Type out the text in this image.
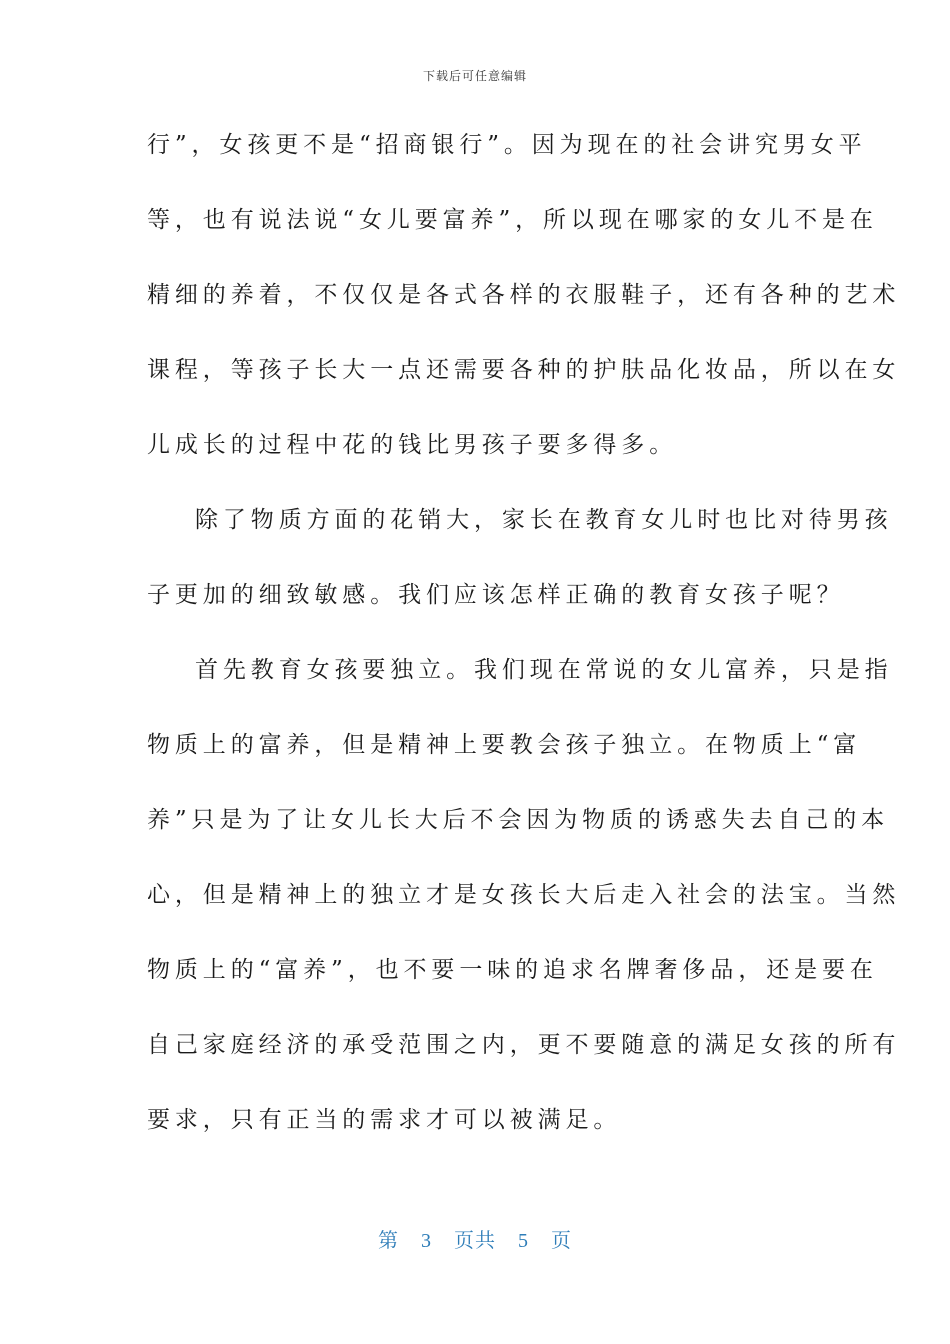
下载后可任意编辑
行”，女孩更不是“招商银行”。因为现在的社会讲究男女平
等，也有说法说“女儿要富养”，所以现在哪家的女儿不是在
精细的养着，不仅仅是各式各样的衣服鞋子，还有各种的艺术
课程，等孩子长大一点还需要各种的护肤品化妆品，所以在女
儿成长的过程中花的钱比男孩子要多得多。
除了物质方面的花销大，家长在教育女儿时也比对待男孩
子更加的细致敏感。我们应该怎样正确的教育女孩子呢？
首先教育女孩要独立。我们现在常说的女儿富养，只是指
物质上的富养，但是精神上要教会孩子独立。在物质上“富
养”只是为了让女儿长大后不会因为物质的诱惑失去自己的本
心，但是精神上的独立才是女孩长大后走入社会的法宝。当然
物质上的“富养”，也不要一味的追求名牌奢侈品，还是要在
自己家庭经济的承受范围之内，更不要随意的满足女孩的所有
要求，只有正当的需求才可以被满足。
第 3 页共 5 页
